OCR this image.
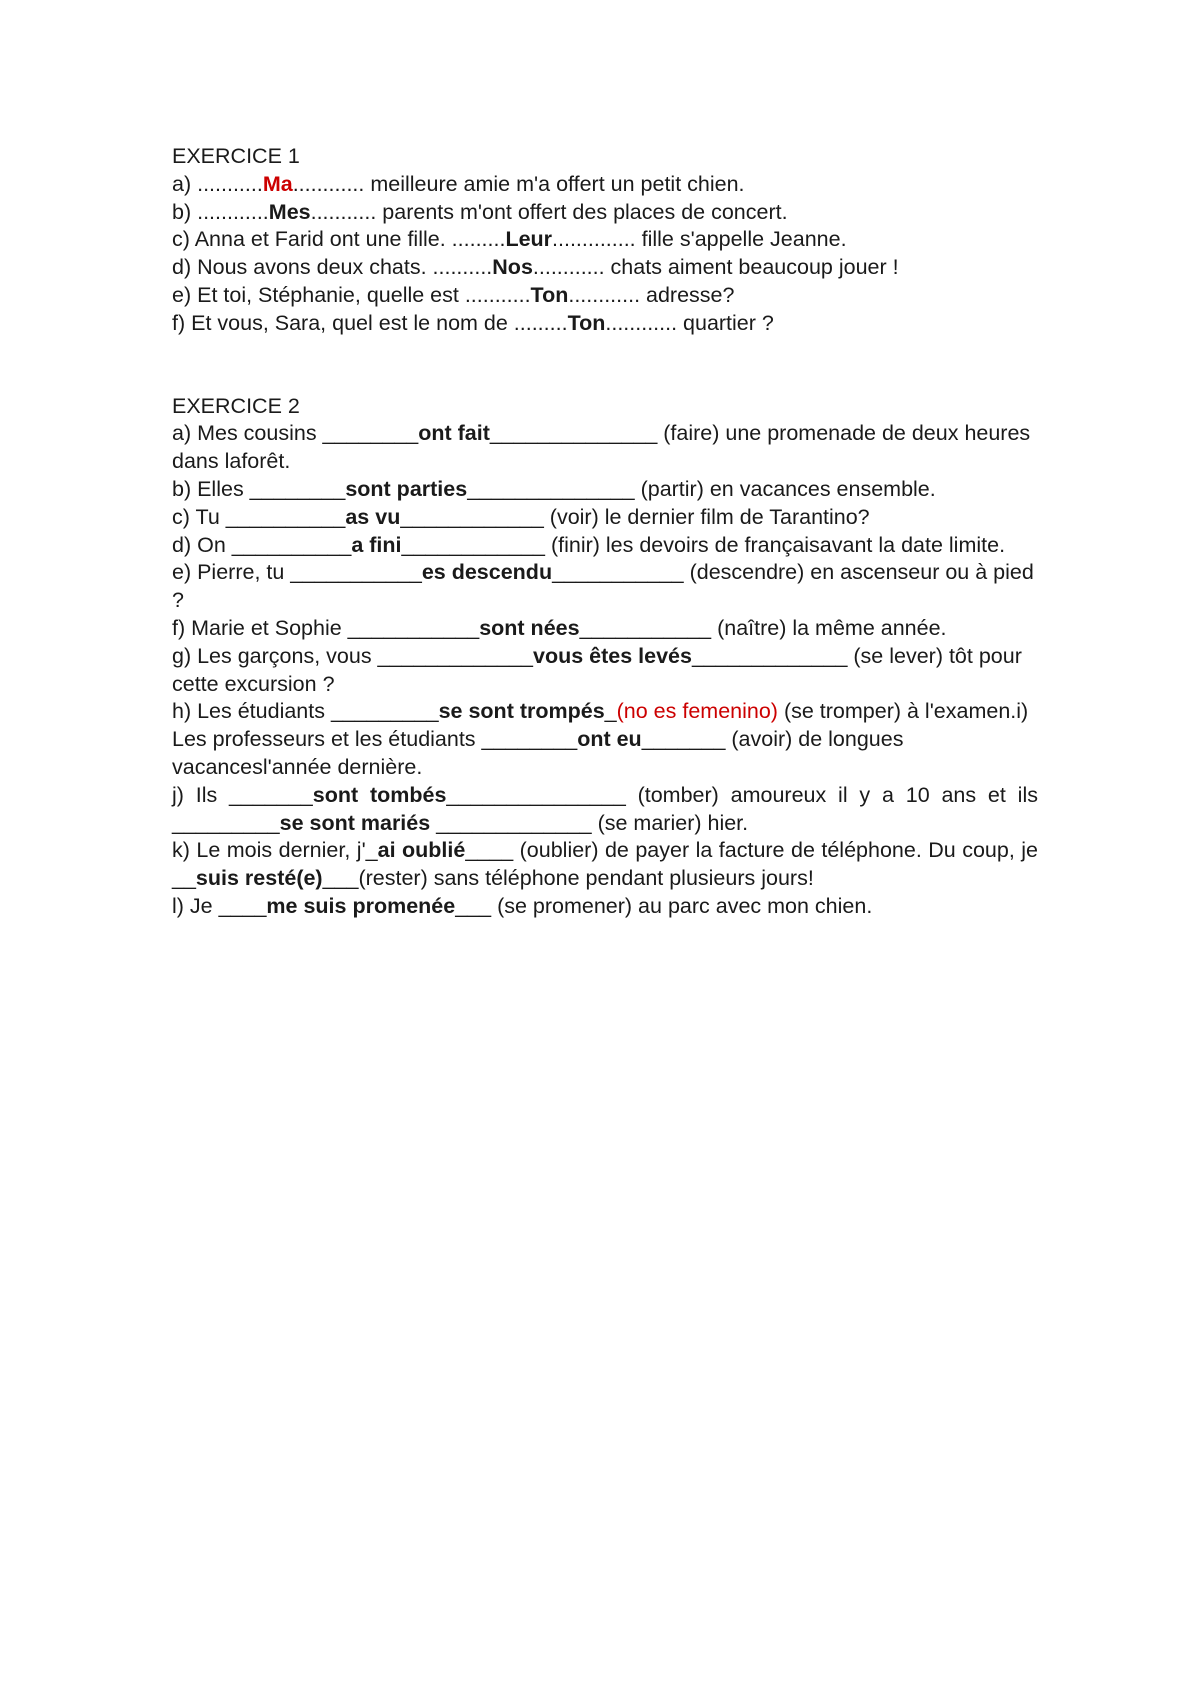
EXERCICE 1
a) ...........Ma............ meilleure amie m'a offert un petit chien.
b) ............Mes........... parents m'ont offert des places de concert.
c) Anna et Farid ont une fille. .........Leur.............. fille s'appelle Jeanne.
d) Nous avons deux chats. ..........Nos............ chats aiment beaucoup jouer !
e) Et toi, Stéphanie, quelle est ...........Ton............ adresse?
f) Et vous, Sara, quel est le nom de .........Ton............ quartier ?
EXERCICE 2
a) Mes cousins ________ont fait______________ (faire) une promenade de deux heures dans laforêt.
b) Elles ________sont parties______________ (partir) en vacances ensemble.
c) Tu __________as vu____________ (voir) le dernier film de Tarantino?
d) On __________a fini____________ (finir) les devoirs de françaisavant la date limite.
e) Pierre, tu ___________es descendu___________ (descendre) en ascenseur ou à pied ?
f) Marie et Sophie ___________sont nées___________ (naître) la même année.
g) Les garçons, vous _____________vous êtes levés_____________ (se lever) tôt pour cette excursion ?
h) Les étudiants _________se sont trompés_(no es femenino) (se tromper) à l'examen.i) Les professeurs et les étudiants ________ont eu_______ (avoir) de longues vacancesl'année dernière.
j) Ils _______sont tombés_______________ (tomber) amoureux il y a 10 ans et ils _________se sont mariés _____________ (se marier) hier.
k) Le mois dernier, j'_ai oublié____ (oublier) de payer la facture de téléphone. Du coup, je __suis resté(e)___(rester) sans téléphone pendant plusieurs jours!
l) Je ____me suis promenée___ (se promener) au parc avec mon chien.
